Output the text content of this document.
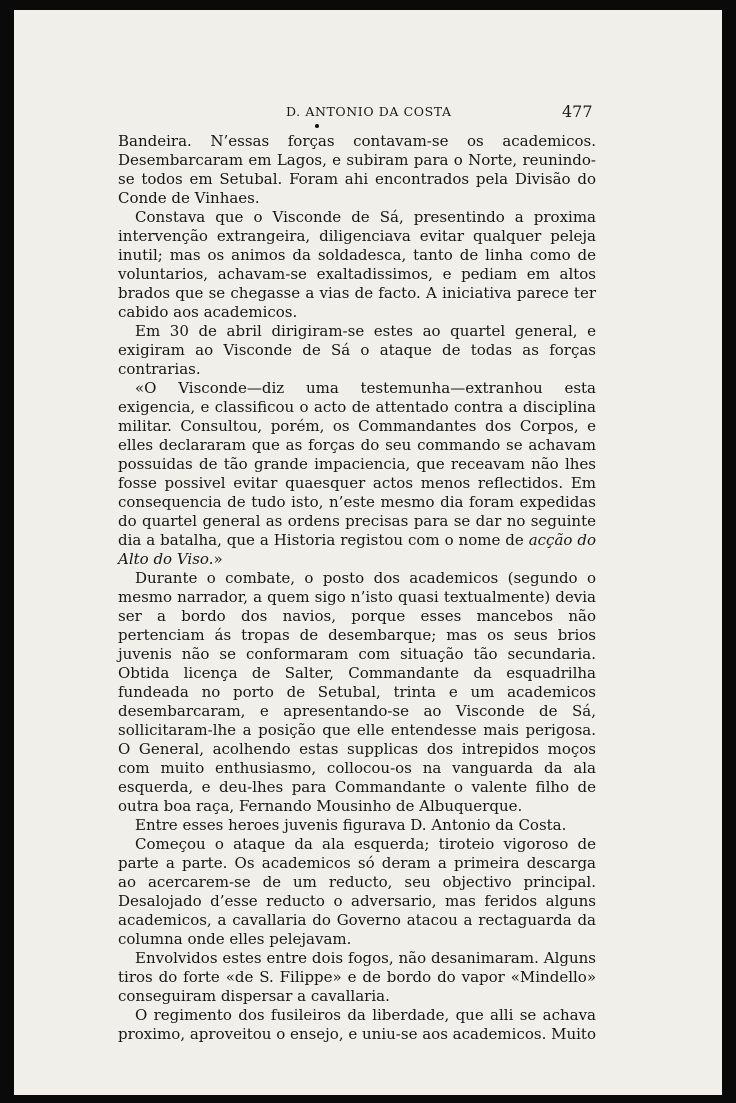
D. ANTONIO DA COSTA	477

Bandeira. N’essas forças contavam-se os academicos. Desembarcaram em Lagos, e subiram para o Norte, reunindo-se todos em Setubal. Foram ahi encontrados pela Divisão do Conde de Vinhaes.

Constava que o Visconde de Sá, presentindo a proxima intervenção extrangeira, diligenciava evitar qualquer peleja inutil; mas os animos da soldadesca, tanto de linha como de voluntarios, achavam-se exaltadissimos, e pediam em altos brados que se chegasse a vias de facto. A iniciativa parece ter cabido aos academicos.

Em 30 de abril dirigiram-se estes ao quartel general, e exigiram ao Visconde de Sá o ataque de todas as forças contrarias.

«O Visconde—diz uma testemunha—extranhou esta exigencia, e classificou o acto de attentado contra a disciplina militar. Consultou, porém, os Commandantes dos Corpos, e elles declararam que as forças do seu commando se achavam possuidas de tão grande impaciencia, que receavam não lhes fosse possivel evitar quaesquer actos menos reflectidos. Em consequencia de tudo isto, n’este mesmo dia foram expedidas do quartel general as ordens precisas para se dar no seguinte dia a batalha, que a Historia registou com o nome de acção do Alto do Viso.»

Durante o combate, o posto dos academicos (segundo o mesmo narrador, a quem sigo n’isto quasi textualmente) devia ser a bordo dos navios, porque esses mancebos não pertenciam ás tropas de desembarque; mas os seus brios juvenis não se conformaram com situação tão secundaria. Obtida licença de Salter, Commandante da esquadrilha fundeada no porto de Setubal, trinta e um academicos desembarcaram, e apresentando-se ao Visconde de Sá, sollicitaram-lhe a posição que elle entendesse mais perigosa. O General, acolhendo estas supplicas dos intrepidos moços com muito enthusiasmo, collocou-os na vanguarda da ala esquerda, e deu-lhes para Commandante o valente filho de outra boa raça, Fernando Mousinho de Albuquerque.

Entre esses heroes juvenis figurava D. Antonio da Costa.

Começou o ataque da ala esquerda; tiroteio vigoroso de parte a parte. Os academicos só deram a primeira descarga ao acercarem-se de um reducto, seu objectivo principal. Desalojado d’esse reducto o adversario, mas feridos alguns academicos, a cavallaria do Governo atacou a rectaguarda da columna onde elles pelejavam.

Envolvidos estes entre dois fogos, não desanimaram. Alguns tiros do forte «de S. Filippe» e de bordo do vapor «Mindello» conseguiram dispersar a cavallaria.

O regimento dos fusileiros da liberdade, que alli se achava proximo, aproveitou o ensejo, e uniu-se aos academicos. Muito
